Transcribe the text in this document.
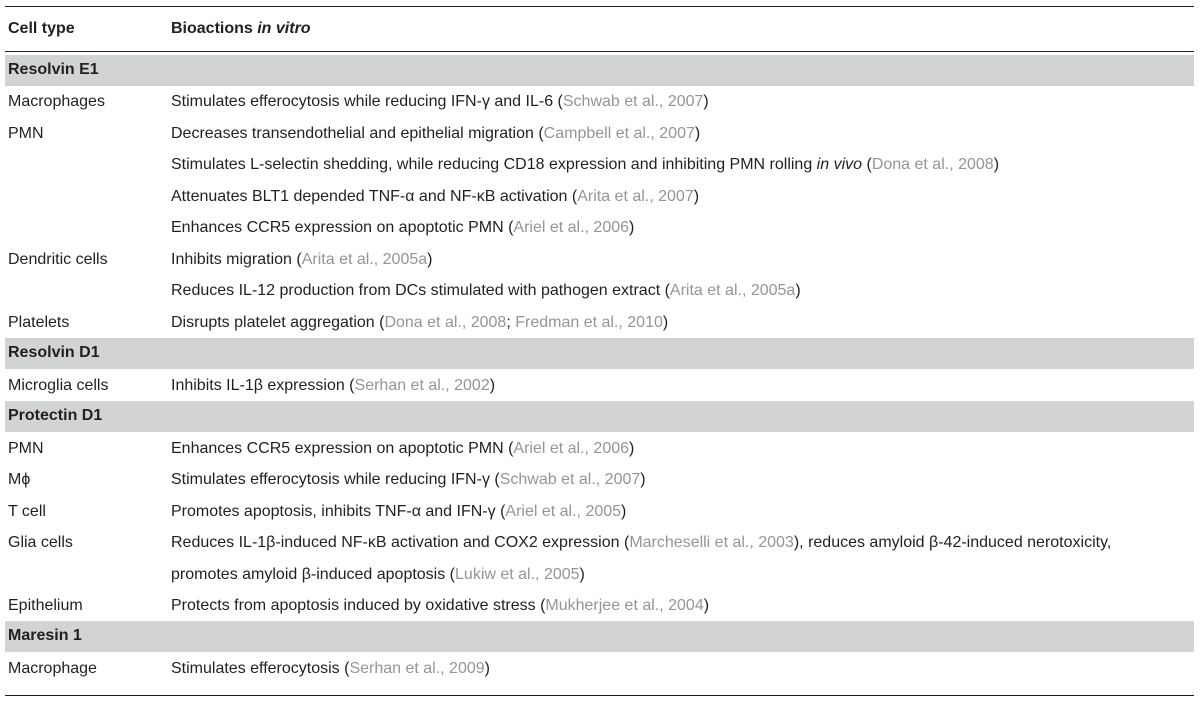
Cell type	Bioactions in vitro
Resolvin E1
Macrophages	Stimulates efferocytosis while reducing IFN-γ and IL-6 (Schwab et al., 2007)
PMN	Decreases transendothelial and epithelial migration (Campbell et al., 2007)
Stimulates L-selectin shedding, while reducing CD18 expression and inhibiting PMN rolling in vivo (Dona et al., 2008)
Attenuates BLT1 depended TNF-α and NF-κB activation (Arita et al., 2007)
Enhances CCR5 expression on apoptotic PMN (Ariel et al., 2006)
Dendritic cells	Inhibits migration (Arita et al., 2005a)
Reduces IL-12 production from DCs stimulated with pathogen extract (Arita et al., 2005a)
Platelets	Disrupts platelet aggregation (Dona et al., 2008; Fredman et al., 2010)
Resolvin D1
Microglia cells	Inhibits IL-1β expression (Serhan et al., 2002)
Protectin D1
PMN	Enhances CCR5 expression on apoptotic PMN (Ariel et al., 2006)
Mϕ	Stimulates efferocytosis while reducing IFN-γ (Schwab et al., 2007)
T cell	Promotes apoptosis, inhibits TNF-α and IFN-γ (Ariel et al., 2005)
Glia cells	Reduces IL-1β-induced NF-κB activation and COX2 expression (Marcheselli et al., 2003), reduces amyloid β-42-induced nerotoxicity,
promotes amyloid β-induced apoptosis (Lukiw et al., 2005)
Epithelium	Protects from apoptosis induced by oxidative stress (Mukherjee et al., 2004)
Maresin 1
Macrophage	Stimulates efferocytosis (Serhan et al., 2009)
